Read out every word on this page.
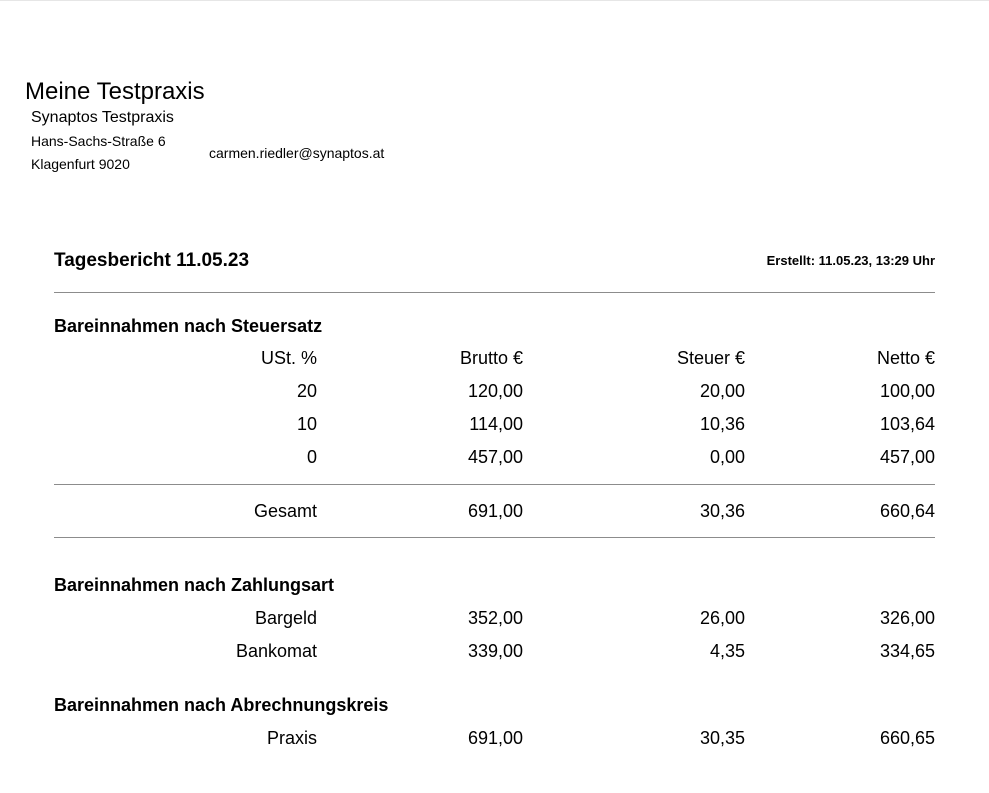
Meine Testpraxis
Synaptos Testpraxis
Hans-Sachs-Straße 6
Klagenfurt 9020
carmen.riedler@synaptos.at
Tagesbericht 11.05.23	Erstellt: 11.05.23, 13:29 Uhr
Bareinnahmen nach Steuersatz
USt. %	Brutto €	Steuer €	Netto €
20	120,00	20,00	100,00
10	114,00	10,36	103,64
0	457,00	0,00	457,00
Gesamt	691,00	30,36	660,64
Bareinnahmen nach Zahlungsart
Bargeld	352,00	26,00	326,00
Bankomat	339,00	4,35	334,65
Bareinnahmen nach Abrechnungskreis
Praxis	691,00	30,35	660,65
